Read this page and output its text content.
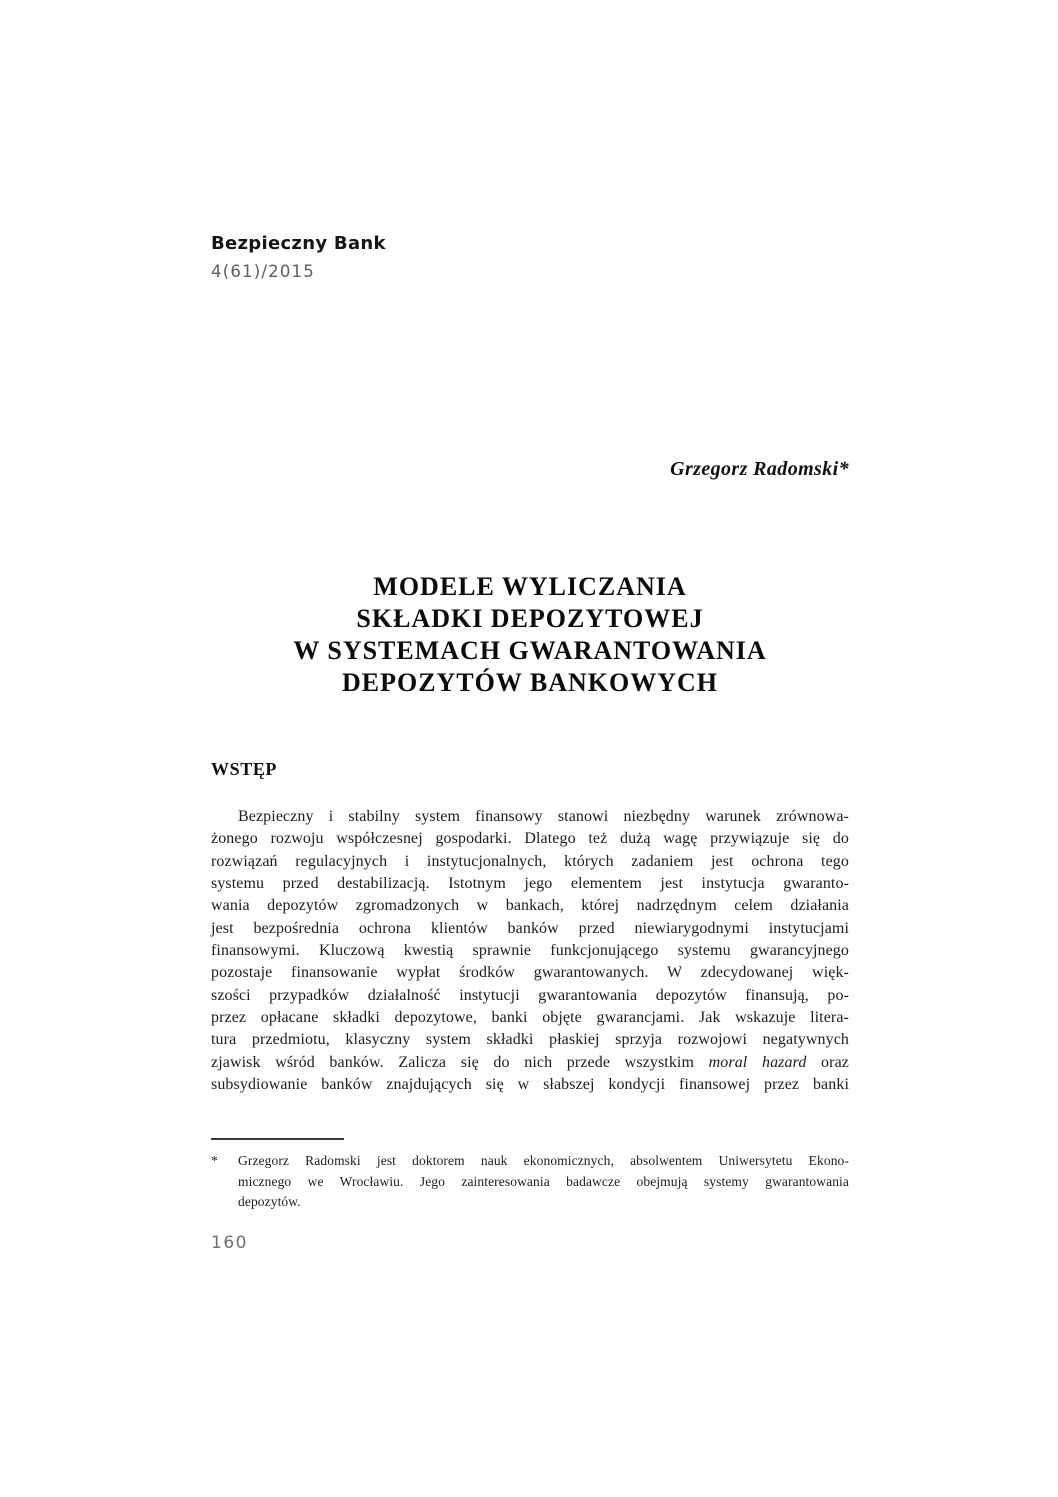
Bezpieczny Bank
4(61)/2015
Grzegorz Radomski*
MODELE WYLICZANIA
SKŁADKI DEPOZYTOWEJ
W SYSTEMACH GWARANTOWANIA
DEPOZYTÓW BANKOWYCH
WSTĘP
Bezpieczny i stabilny system finansowy stanowi niezbędny warunek zrównowa-
żonego rozwoju współczesnej gospodarki. Dlatego też dużą wagę przywiązuje się do
rozwiązań regulacyjnych i instytucjonalnych, których zadaniem jest ochrona tego
systemu przed destabilizacją. Istotnym jego elementem jest instytucja gwaranto-
wania depozytów zgromadzonych w bankach, której nadrzędnym celem działania
jest bezpośrednia ochrona klientów banków przed niewiarygodnymi instytucjami
finansowymi. Kluczową kwestią sprawnie funkcjonującego systemu gwarancyjnego
pozostaje finansowanie wypłat środków gwarantowanych. W zdecydowanej więk-
szości przypadków działalność instytucji gwarantowania depozytów finansują, po-
przez opłacane składki depozytowe, banki objęte gwarancjami. Jak wskazuje litera-
tura przedmiotu, klasyczny system składki płaskiej sprzyja rozwojowi negatywnych
zjawisk wśród banków. Zalicza się do nich przede wszystkim moral hazard oraz
subsydiowanie banków znajdujących się w słabszej kondycji finansowej przez banki
* Grzegorz Radomski jest doktorem nauk ekonomicznych, absolwentem Uniwersytetu Ekono-
micznego we Wrocławiu. Jego zainteresowania badawcze obejmują systemy gwarantowania
depozytów.
160
